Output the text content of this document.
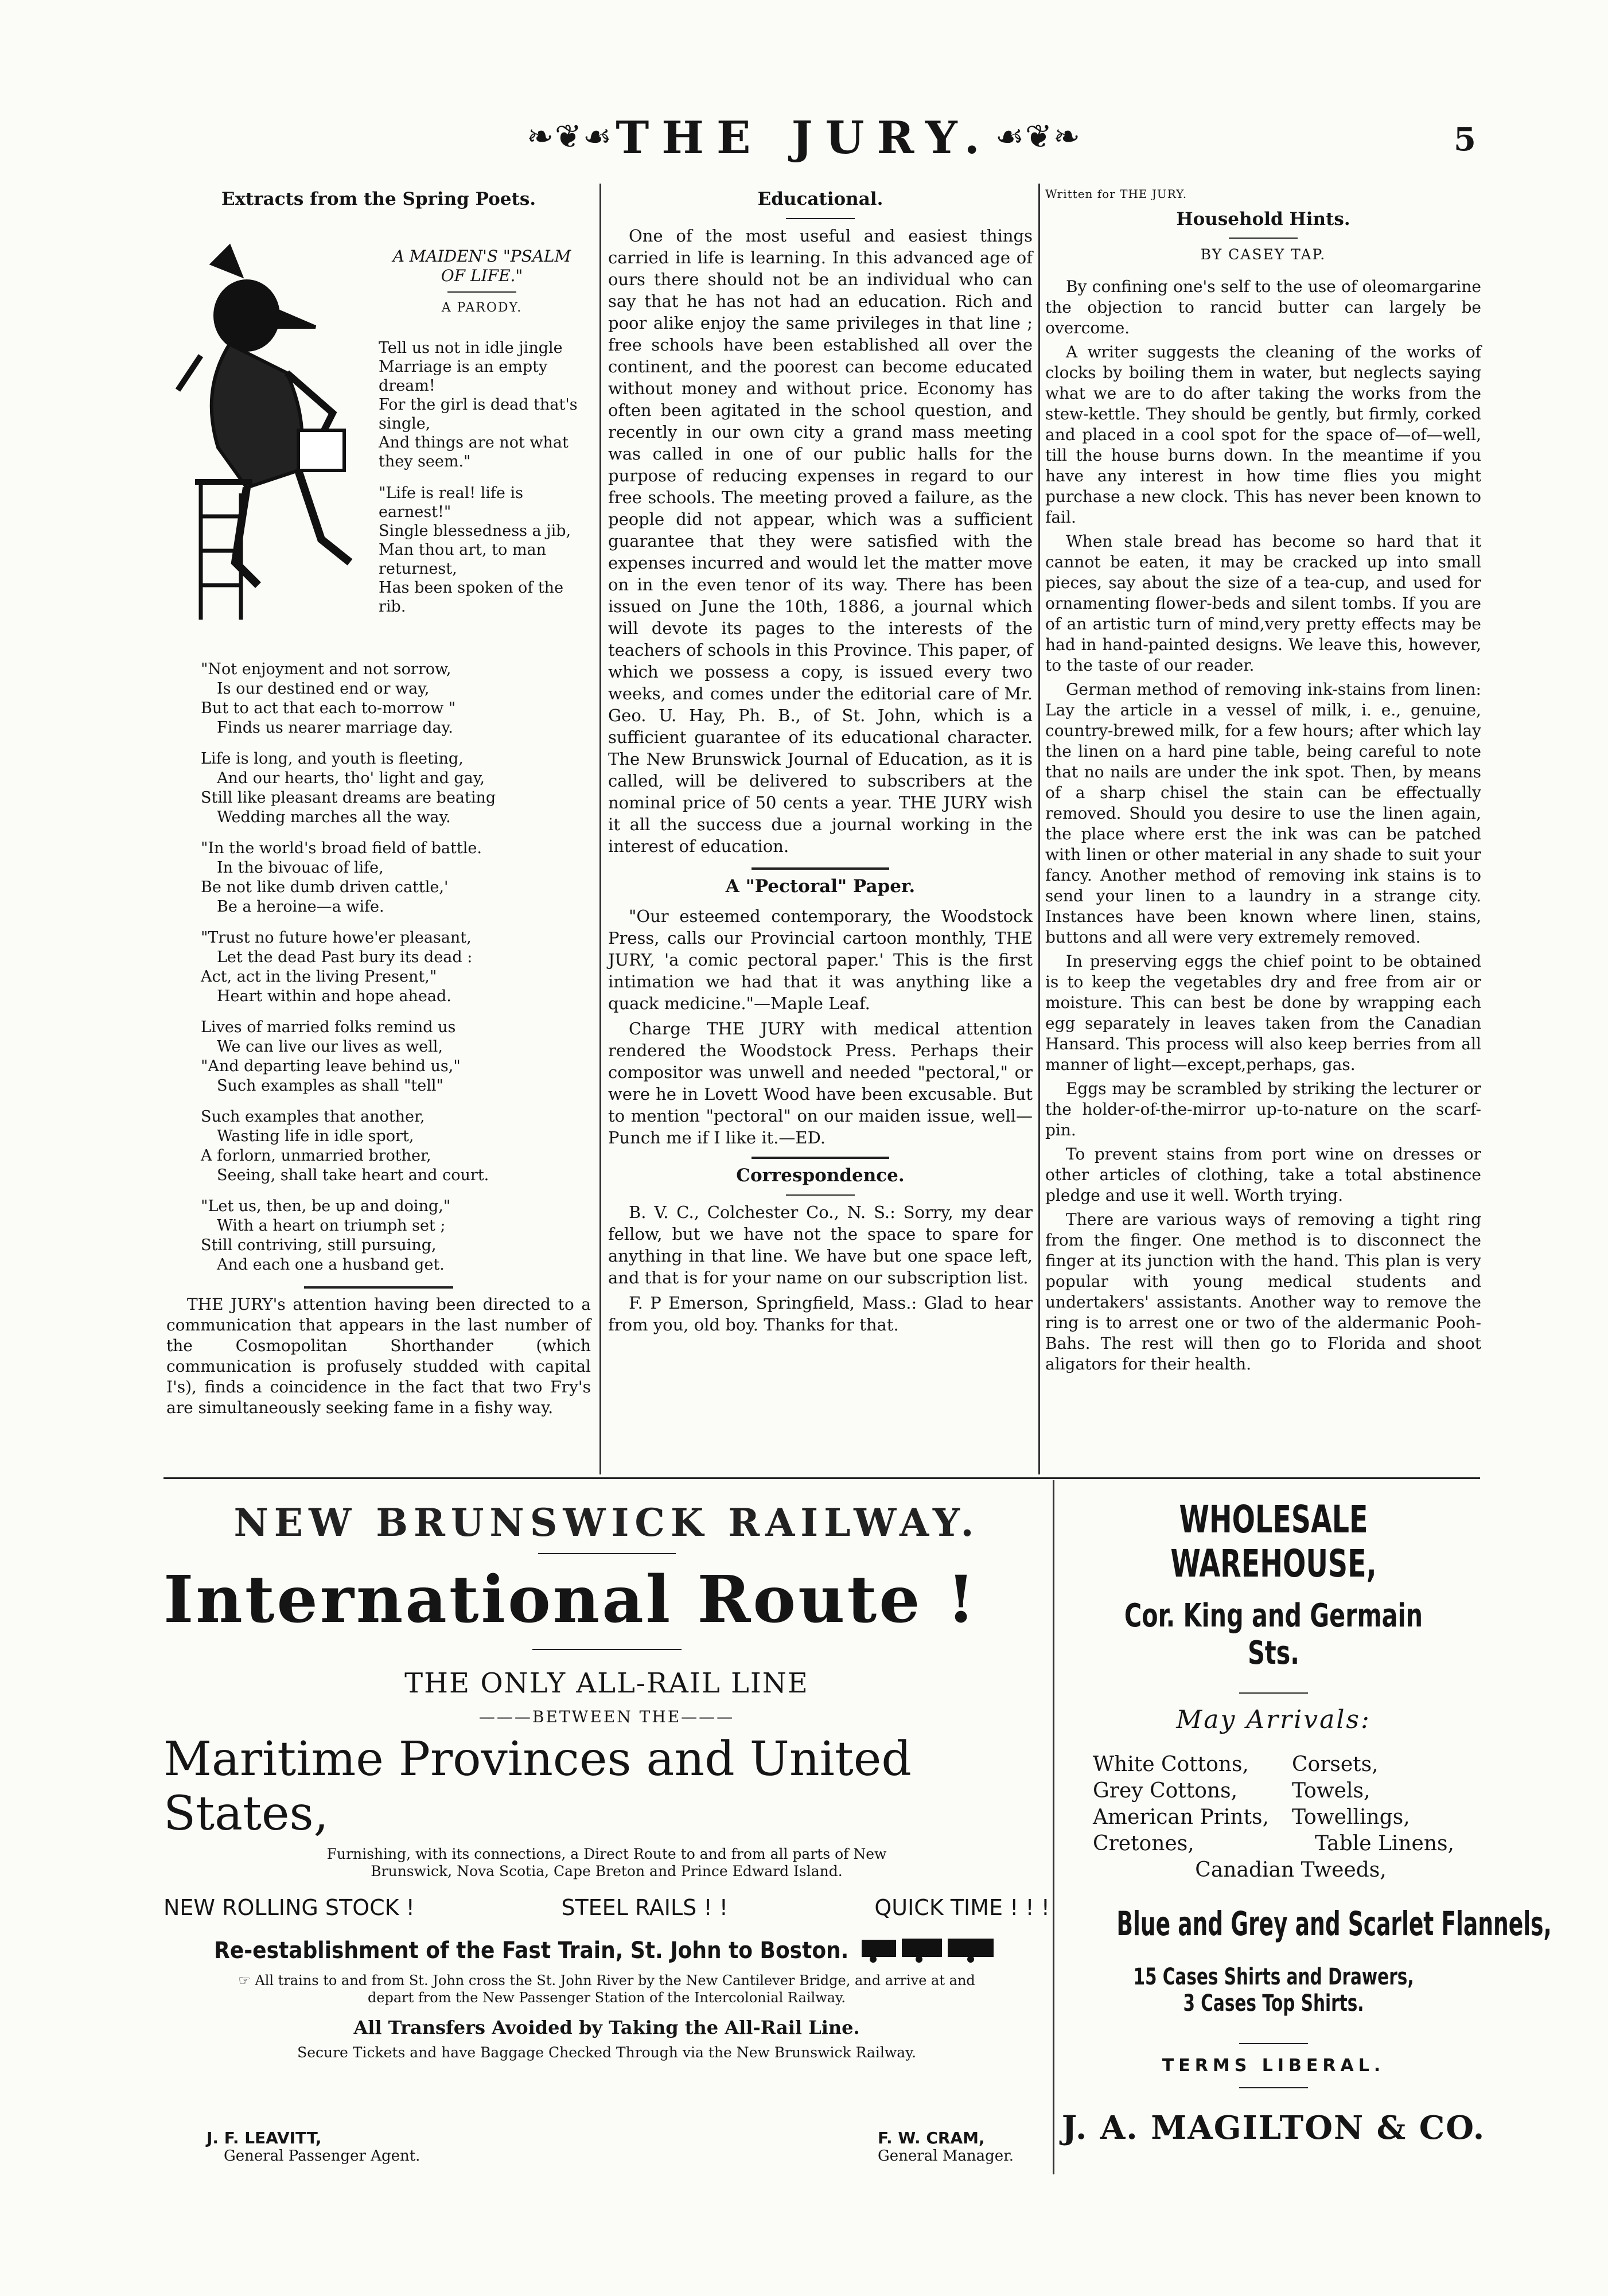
❧❦☙ THE JURY. ☙❦❧	5
Extracts from the Spring Poets.
A MAIDEN'S "PSALM OF LIFE."
A PARODY.
Tell us not in idle jingle
Marriage is an empty dream!
For the girl is dead that's single,
And things are not what they seem."
"Life is real! life is earnest!"
Single blessedness a jib,
Man thou art, to man returnest,
Has been spoken of the rib.
"Not enjoyment and not sorrow,
Is our destined end or way,
But to act that each to-morrow "
Finds us nearer marriage day.
Life is long, and youth is fleeting,
And our hearts, tho' light and gay,
Still like pleasant dreams are beating
Wedding marches all the way.
"In the world's broad field of battle.
In the bivouac of life,
Be not like dumb driven cattle,'
Be a heroine—a wife.
"Trust no future howe'er pleasant,
Let the dead Past bury its dead :
Act, act in the living Present,"
Heart within and hope ahead.
Lives of married folks remind us
We can live our lives as well,
"And departing leave behind us,"
Such examples as shall "tell"
Such examples that another,
Wasting life in idle sport,
A forlorn, unmarried brother,
Seeing, shall take heart and court.
"Let us, then, be up and doing,"
With a heart on triumph set ;
Still contriving, still pursuing,
And each one a husband get.

THE JURY's attention having been directed to a communication that appears in the last number of the Cosmopolitan Shorthander (which communication is profusely studded with capital I's), finds a coincidence in the fact that two Fry's are simultaneously seeking fame in a fishy way.

Educational.

One of the most useful and easiest things carried in life is learning. In this advanced age of ours there should not be an individual who can say that he has not had an education. Rich and poor alike enjoy the same privileges in that line ; free schools have been established all over the continent, and the poorest can become educated without money and without price. Economy has often been agitated in the school question, and recently in our own city a grand mass meeting was called in one of our public halls for the purpose of reducing expenses in regard to our free schools. The meeting proved a failure, as the people did not appear, which was a sufficient guarantee that they were satisfied with the expenses incurred and would let the matter move on in the even tenor of its way. There has been issued on June the 10th, 1886, a journal which will devote its pages to the interests of the teachers of schools in this Province. This paper, of which we possess a copy, is issued every two weeks, and comes under the editorial care of Mr. Geo. U. Hay, Ph. B., of St. John, which is a sufficient guarantee of its educational character. The New Brunswick Journal of Education, as it is called, will be delivered to subscribers at the nominal price of 50 cents a year. THE JURY wish it all the success due a journal working in the interest of education.

A "Pectoral" Paper.

"Our esteemed contemporary, the Woodstock Press, calls our Provincial cartoon monthly, THE JURY, 'a comic pectoral paper.' This is the first intimation we had that it was anything like a quack medicine."—Maple Leaf.

Charge THE JURY with medical attention rendered the Woodstock Press. Perhaps their compositor was unwell and needed "pectoral," or were he in Lovett Wood have been excusable. But to mention "pectoral" on our maiden issue, well— Punch me if I like it.—ED.

Correspondence.

B. V. C., Colchester Co., N. S.: Sorry, my dear fellow, but we have not the space to spare for anything in that line. We have but one space left, and that is for your name on our subscription list.

F. P Emerson, Springfield, Mass.: Glad to hear from you, old boy. Thanks for that.

Written for THE JURY.
Household Hints.
BY CASEY TAP.

By confining one's self to the use of oleomargarine the objection to rancid butter can largely be overcome.

A writer suggests the cleaning of the works of clocks by boiling them in water, but neglects saying what we are to do after taking the works from the stew-kettle. They should be gently, but firmly, corked and placed in a cool spot for the space of—of—well, till the house burns down. In the meantime if you have any interest in how time flies you might purchase a new clock. This has never been known to fail.

When stale bread has become so hard that it cannot be eaten, it may be cracked up into small pieces, say about the size of a tea-cup, and used for ornamenting flower-beds and silent tombs. If you are of an artistic turn of mind,very pretty effects may be had in hand-painted designs. We leave this, however, to the taste of our reader.

German method of removing ink-stains from linen: Lay the article in a vessel of milk, i. e., genuine, country-brewed milk, for a few hours; after which lay the linen on a hard pine table, being careful to note that no nails are under the ink spot. Then, by means of a sharp chisel the stain can be effectually removed. Should you desire to use the linen again, the place where erst the ink was can be patched with linen or other material in any shade to suit your fancy. Another method of removing ink stains is to send your linen to a laundry in a strange city. Instances have been known where linen, stains, buttons and all were very extremely removed.

In preserving eggs the chief point to be obtained is to keep the vegetables dry and free from air or moisture. This can best be done by wrapping each egg separately in leaves taken from the Canadian Hansard. This process will also keep berries from all manner of light—except,perhaps, gas.

Eggs may be scrambled by striking the lecturer or the holder-of-the-mirror up-to-nature on the scarf-pin.

To prevent stains from port wine on dresses or other articles of clothing, take a total abstinence pledge and use it well. Worth trying.

There are various ways of removing a tight ring from the finger. One method is to disconnect the finger at its junction with the hand. This plan is very popular with young medical students and undertakers' assistants. Another way to remove the ring is to arrest one or two of the aldermanic Pooh-Bahs. The rest will then go to Florida and shoot aligators for their health.

NEW BRUNSWICK RAILWAY.
International Route !
THE ONLY ALL-RAIL LINE
———BETWEEN THE———
Maritime Provinces and United States,
Furnishing, with its connections, a Direct Route to and from all parts of New Brunswick, Nova Scotia, Cape Breton and Prince Edward Island.
NEW ROLLING STOCK !	STEEL RAILS ! !	QUICK TIME ! ! !
Re-establishment of the Fast Train, St. John to Boston.
☞ All trains to and from St. John cross the St. John River by the New Cantilever Bridge, and arrive at and depart from the New Passenger Station of the Intercolonial Railway.
All Transfers Avoided by Taking the All-Rail Line.
Secure Tickets and have Baggage Checked Through via the New Brunswick Railway.
J. F. LEAVITT,
General Passenger Agent.
F. W. CRAM,
General Manager.
WHOLESALE WAREHOUSE,
Cor. King and Germain Sts.
May Arrivals:
White Cottons,
Grey Cottons,
American Prints,
Cretones,
Corsets,
Towels,
Towellings,
Table Linens,
Canadian Tweeds,
Blue and Grey and Scarlet Flannels,
15 Cases Shirts and Drawers,
3 Cases Top Shirts.
TERMS LIBERAL.
J. A. MAGILTON & CO.
